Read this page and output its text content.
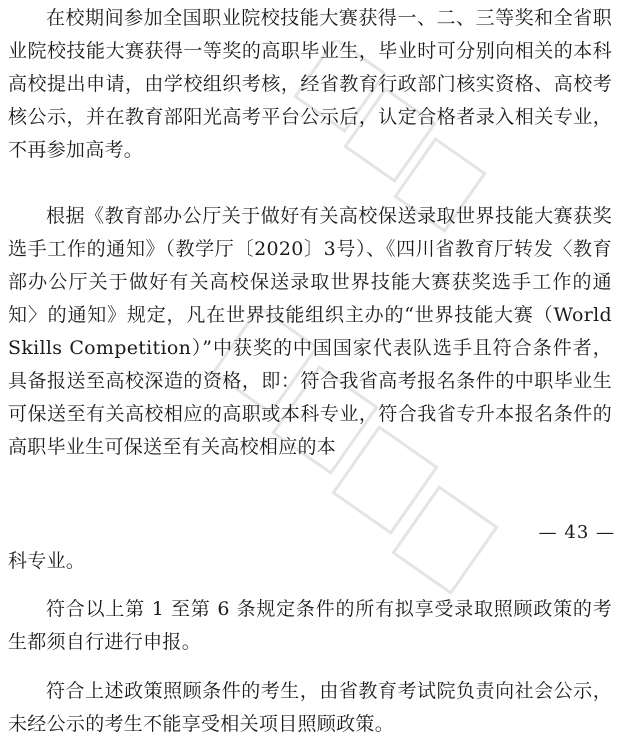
在校期间参加全国职业院校技能大赛获得一、二、三等奖和全省职业院校技能大赛获得一等奖的高职毕业生，毕业时可分别向相关的本科高校提出申请，由学校组织考核，经省教育行政部门核实资格、高校考核公示，并在教育部阳光高考平台公示后，认定合格者录入相关专业，不再参加高考。

根据《教育部办公厅关于做好有关高校保送录取世界技能大赛获奖选手工作的通知》（教学厅〔2020〕3号）、《四川省教育厅转发〈教育部办公厅关于做好有关高校保送录取世界技能大赛获奖选手工作的通知〉的通知》规定，凡在世界技能组织主办的“世界技能大赛（World Skills Competition）”中获奖的中国国家代表队选手且符合条件者，具备报送至高校深造的资格，即：符合我省高考报名条件的中职毕业生可保送至有关高校相应的高职或本科专业，符合我省专升本报名条件的高职毕业生可保送至有关高校相应的本

— 43 —

科专业。

符合以上第 1 至第 6 条规定条件的所有拟享受录取照顾政策的考生都须自行进行申报。

符合上述政策照顾条件的考生，由省教育考试院负责向社会公示，未经公示的考生不能享受相关项目照顾政策。
